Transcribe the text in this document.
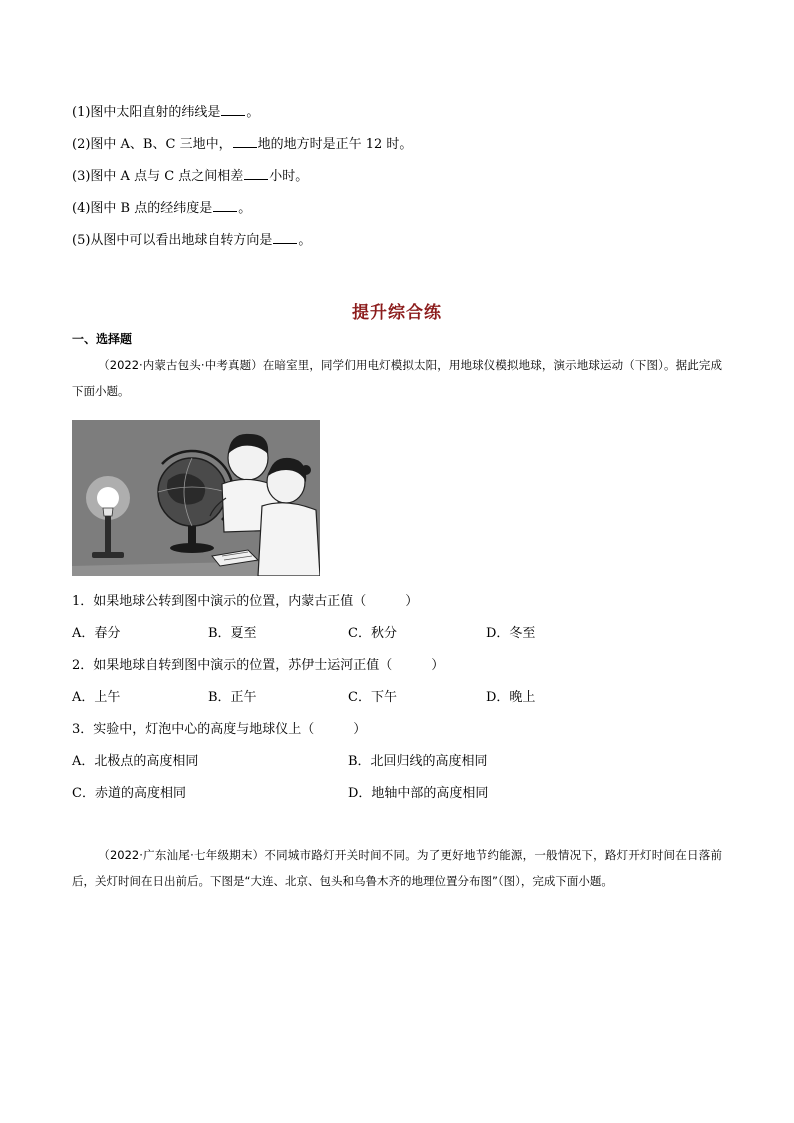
(1)图中太阳直射的纬线是 。
(2)图中 A、B、C 三地中， 地的地方时是正午 12 时。
(3)图中 A 点与 C 点之间相差 小时。
(4)图中 B 点的经纬度是 。
(5)从图中可以看出地球自转方向是 。
提升综合练
一、选择题
（2022·内蒙古包头·中考真题）在暗室里，同学们用电灯模拟太阳，用地球仪模拟地球，演示地球运动（下图）。据此完成下面小题。
1．如果地球公转到图中演示的位置，内蒙古正值（　　　）
A．春分	B．夏至	C．秋分	D．冬至
2．如果地球自转到图中演示的位置，苏伊士运河正值（　　　）
A．上午	B．正午	C．下午	D．晚上
3．实验中，灯泡中心的高度与地球仪上（　　　）
A．北极点的高度相同	B．北回归线的高度相同
C．赤道的高度相同	D．地轴中部的高度相同
（2022·广东汕尾·七年级期末）不同城市路灯开关时间不同。为了更好地节约能源，一般情况下，路灯开灯时间在日落前后，关灯时间在日出前后。下图是“大连、北京、包头和乌鲁木齐的地理位置分布图”（图），完成下面小题。
